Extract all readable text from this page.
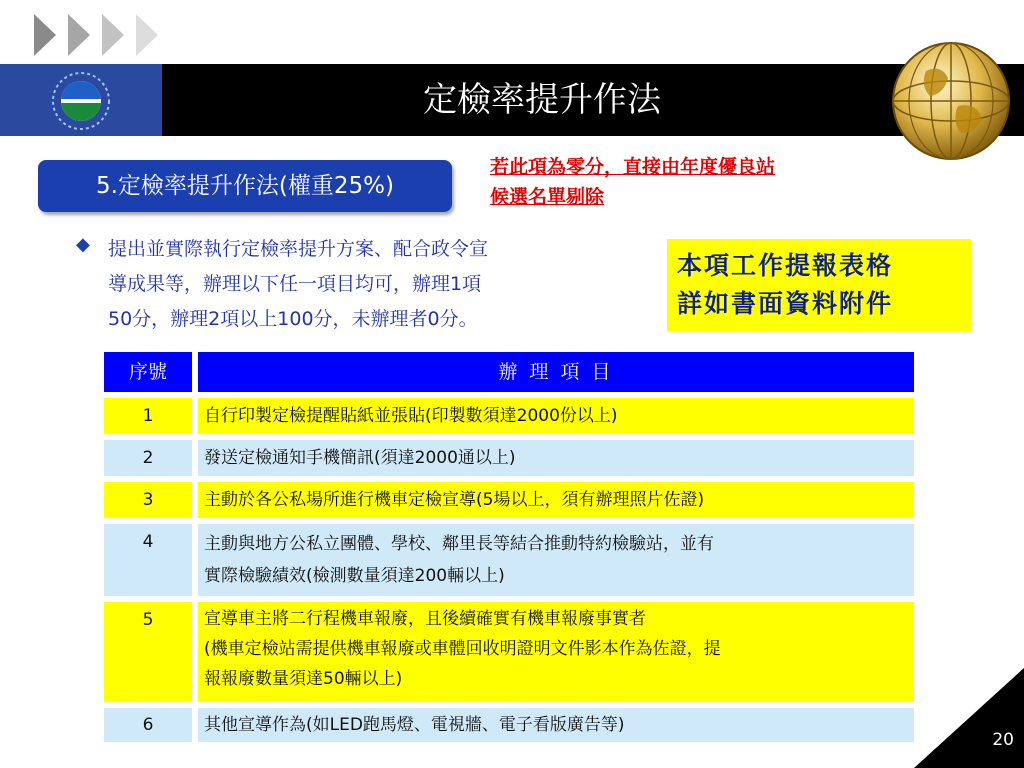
定檢率提升作法
5.定檢率提升作法(權重25%)
若此項為零分，直接由年度優良站
候選名單剔除
◆ 提出並實際執行定檢率提升方案、配合政令宣
導成果等，辦理以下任一項目均可，辦理1項
50分，辦理2項以上100分，未辦理者0分。
本項工作提報表格
詳如書面資料附件
序號	辦 理 項 目
1	自行印製定檢提醒貼紙並張貼(印製數須達2000份以上)
2	發送定檢通知手機簡訊(須達2000通以上)
3	主動於各公私場所進行機車定檢宣導(5場以上，須有辦理照片佐證)
4	主動與地方公私立團體、學校、鄰里長等結合推動特約檢驗站，並有
實際檢驗績效(檢測數量須達200輛以上)
5	宣導車主將二行程機車報廢，且後續確實有機車報廢事實者
(機車定檢站需提供機車報廢或車體回收明證明文件影本作為佐證，提
報報廢數量須達50輛以上)
6	其他宣導作為(如LED跑馬燈、電視牆、電子看版廣告等)
20
